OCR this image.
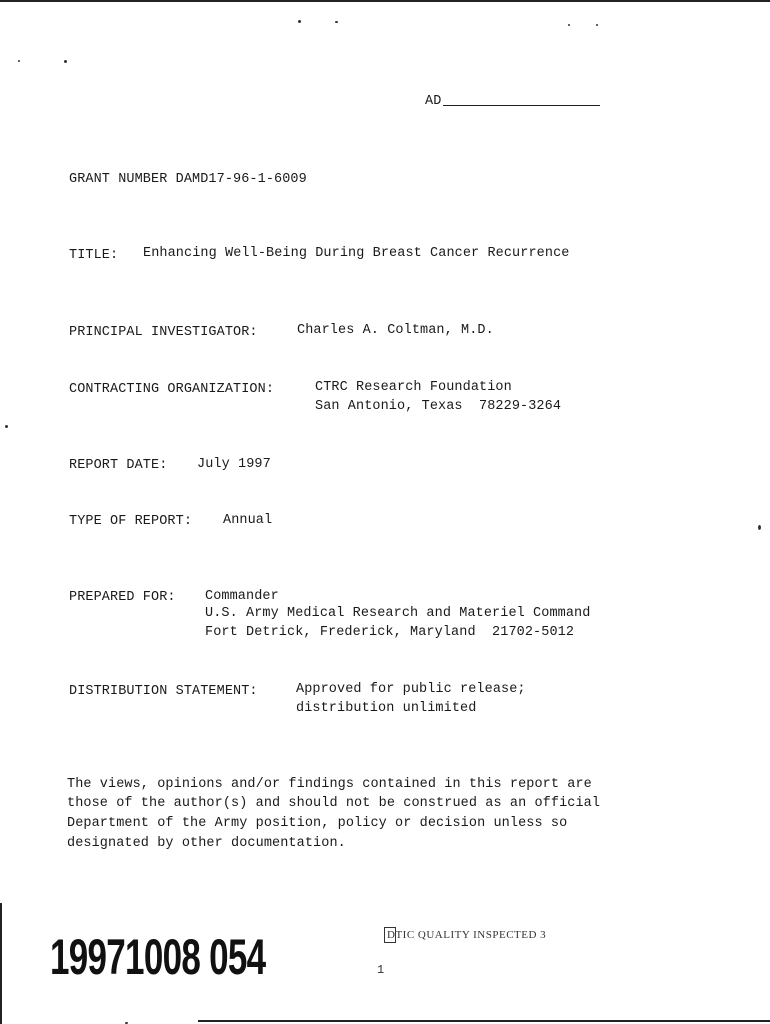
AD
GRANT NUMBER DAMD17-96-1-6009
TITLE: Enhancing Well-Being During Breast Cancer Recurrence
PRINCIPAL INVESTIGATOR:	Charles A. Coltman, M.D.
CONTRACTING ORGANIZATION:	CTRC Research Foundation
San Antonio, Texas  78229-3264
REPORT DATE: July 1997
TYPE OF REPORT: Annual
PREPARED FOR: Commander
U.S. Army Medical Research and Materiel Command
Fort Detrick, Frederick, Maryland  21702-5012
DISTRIBUTION STATEMENT:	Approved for public release;
distribution unlimited
The views, opinions and/or findings contained in this report are
those of the author(s) and should not be construed as an official
Department of the Army position, policy or decision unless so
designated by other documentation.
19971008 054	DTIC QUALITY INSPECTED 3
1
